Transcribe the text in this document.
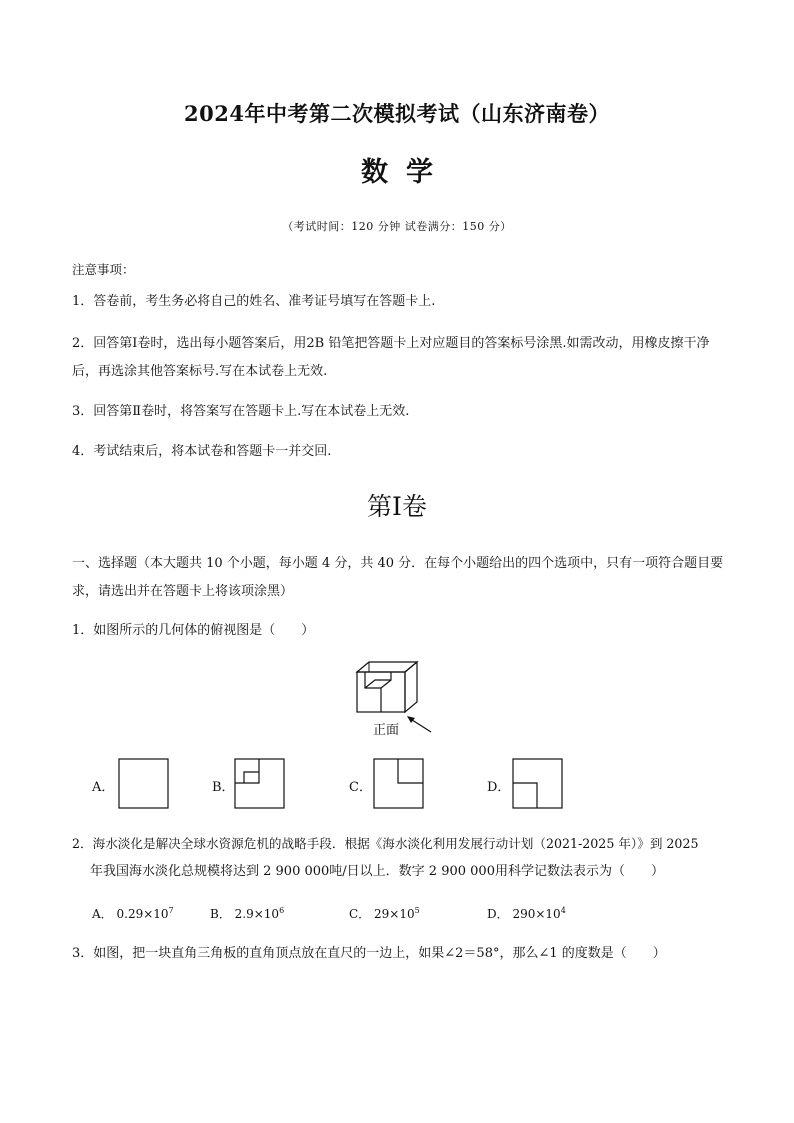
2024年中考第二次模拟考试（山东济南卷）
数学
（考试时间：120 分钟 试卷满分：150 分）
注意事项：
1．答卷前，考生务必将自己的姓名、准考证号填写在答题卡上.
2．回答第Ⅰ卷时，选出每小题答案后，用2B 铅笔把答题卡上对应题目的答案标号涂黑.如需改动，用橡皮擦干净后，再选涂其他答案标号.写在本试卷上无效.
3．回答第Ⅱ卷时，将答案写在答题卡上.写在本试卷上无效.
4．考试结束后，将本试卷和答题卡一并交回.
第Ⅰ卷
一、选择题（本大题共 10 个小题，每小题 4 分，共 40 分．在每个小题给出的四个选项中，只有一项符合题目要求，请选出并在答题卡上将该项涂黑）
1．如图所示的几何体的俯视图是（　　）
正面
A．	B．	C．	D．
2．海水淡化是解决全球水资源危机的战略手段．根据《海水淡化利用发展行动计划（2021-2025 年）》到 2025
年我国海水淡化总规模将达到 2 900 000吨/日以上．数字 2 900 000用科学记数法表示为（　　）
A． $0.29\times 10^7$	B． $2.9\times 10^6$	C． $29\times 10^5$	D． $290\times 10^4$
3．如图，把一块直角三角板的直角顶点放在直尺的一边上，如果∠2＝58°，那么∠1 的度数是（　　）
